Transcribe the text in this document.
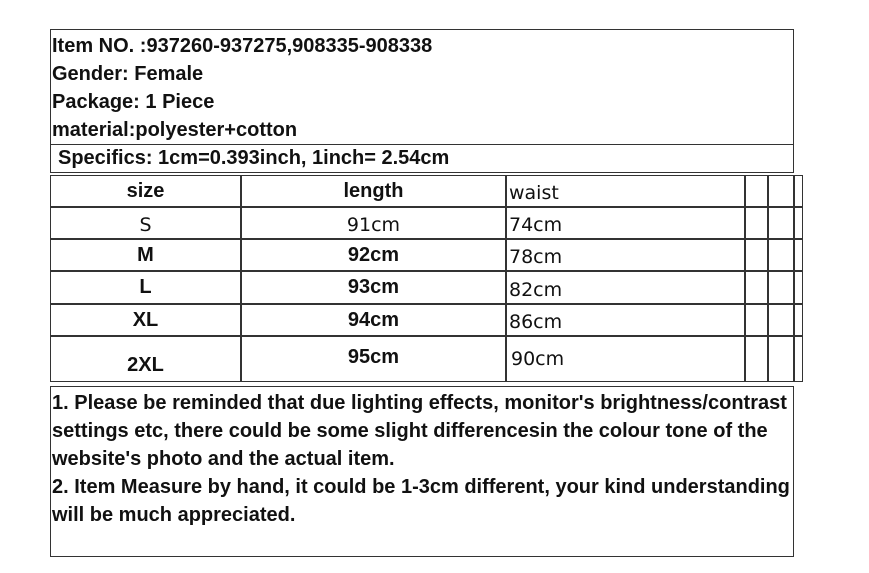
Item NO. :937260-937275,908335-908338
Gender: Female
Package: 1 Piece
material:polyester+cotton
Specifics: 1cm=0.393inch, 1inch= 2.54cm
size	length	waist
S	91cm	74cm
M	92cm	78cm
L	93cm	82cm
XL	94cm	86cm
2XL	95cm	90cm

1. Please be reminded that due lighting effects, monitor's brightness/contrast settings etc, there could be some slight differencesin the colour tone of the website's photo and the actual item.

2. Item Measure by hand, it could be 1-3cm different, your kind understanding will be much appreciated.
